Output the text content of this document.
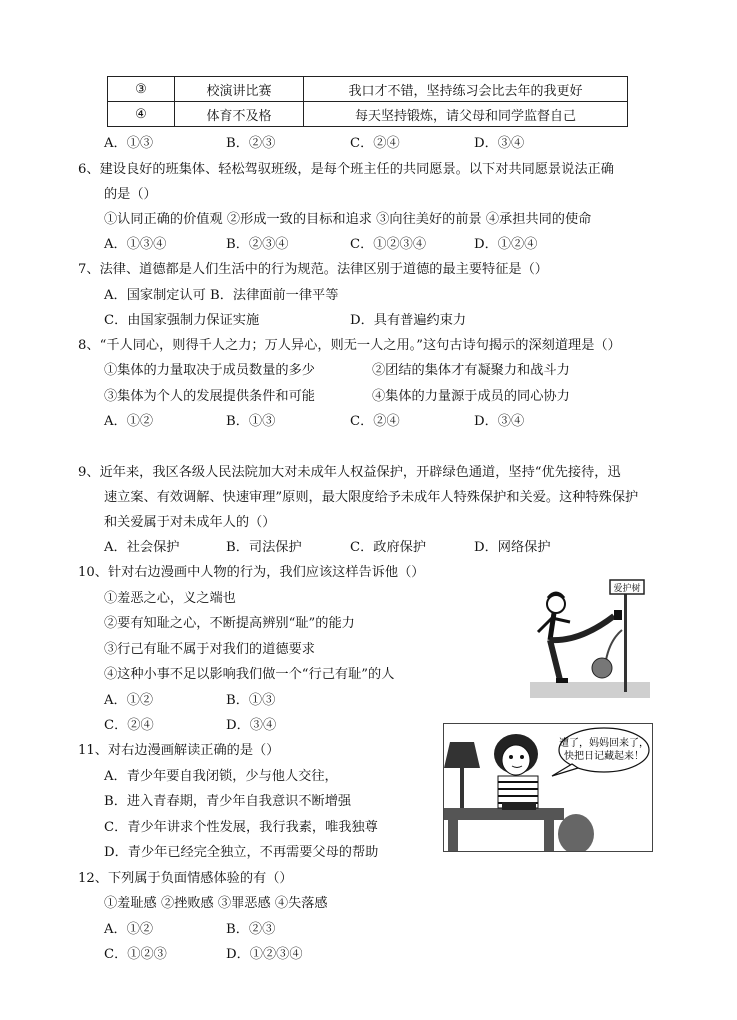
③	校演讲比赛	我口才不错，坚持练习会比去年的我更好
④	体育不及格	每天坚持锻炼，请父母和同学监督自己
A．①③	B．②③	C．②④	D．③④
6、建设良好的班集体、轻松驾驭班级，是每个班主任的共同愿景。以下对共同愿景说法正确
的是（）
①认同正确的价值观 ②形成一致的目标和追求 ③向往美好的前景 ④承担共同的使命
A．①③④	B．②③④	C．①②③④	D．①②④
7、法律、道德都是人们生活中的行为规范。法律区别于道德的最主要特征是（）
A．国家制定认可 B．法律面前一律平等
C．由国家强制力保证实施	D．具有普遍约束力
8、“千人同心，则得千人之力；万人异心，则无一人之用。”这句古诗句揭示的深刻道理是（）
①集体的力量取决于成员数量的多少	②团结的集体才有凝聚力和战斗力
③集体为个人的发展提供条件和可能	④集体的力量源于成员的同心协力
A．①②	B．①③	C．②④	D．③④
9、近年来，我区各级人民法院加大对未成年人权益保护，开辟绿色通道，坚持“优先接待，迅
速立案、有效调解、快速审理”原则，最大限度给予未成年人特殊保护和关爱。这种特殊保护
和关爱属于对未成年人的（）
A．社会保护	B．司法保护	C．政府保护	D．网络保护
10、针对右边漫画中人物的行为，我们应该这样告诉他（）
①羞恶之心，义之端也
②要有知耻之心，不断提高辨别“耻”的能力
③行己有耻不属于对我们的道德要求
④这种小事不足以影响我们做一个“行己有耻”的人
A．①②	B．①③
C．②④	D．③④
爱护树
11、对右边漫画解读正确的是（）
A．青少年要自我闭锁，少与他人交往，
B．进入青春期，青少年自我意识不断增强
C．青少年讲求个性发展，我行我素，唯我独尊
D．青少年已经完全独立，不再需要父母的帮助
遭了，妈妈回来了，
快把日记藏起来！
12、下列属于负面情感体验的有（）
①羞耻感 ②挫败感 ③罪恶感 ④失落感
A．①②	B．②③
C．①②③	D．①②③④
